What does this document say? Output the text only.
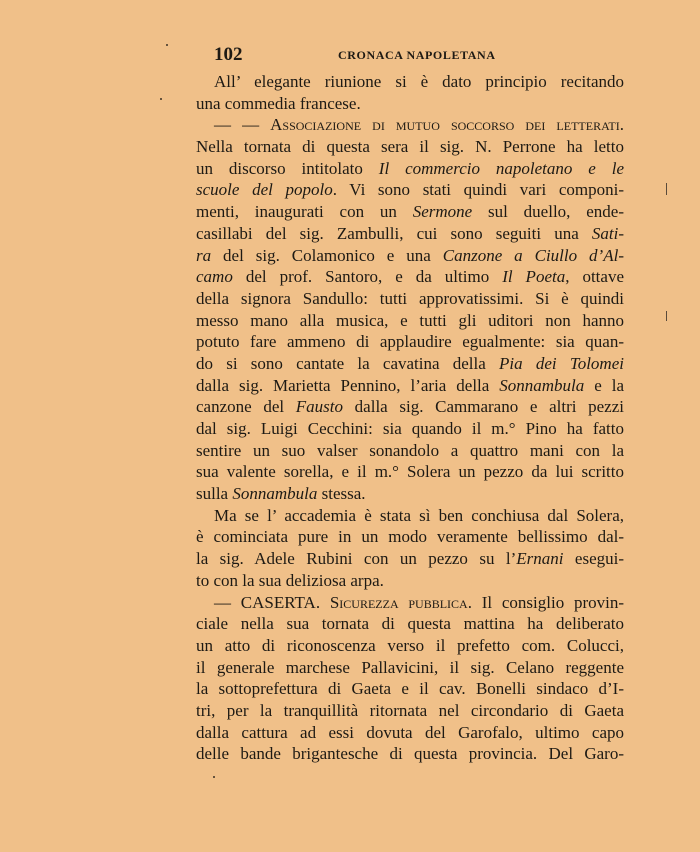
102	CRONACA NAPOLETANA
All’ elegante riunione si è dato principio recitando
una commedia francese.
— — Associazione di mutuo soccorso dei letterati.
Nella tornata di questa sera il sig. N. Perrone ha letto
un discorso intitolato Il commercio napoletano e le
scuole del popolo. Vi sono stati quindi vari componi-
menti, inaugurati con un Sermone sul duello, ende-
casillabi del sig. Zambulli, cui sono seguiti una Sati-
ra del sig. Colamonico e una Canzone a Ciullo d’Al-
camo del prof. Santoro, e da ultimo Il Poeta, ottave
della signora Sandullo: tutti approvatissimi. Si è quindi
messo mano alla musica, e tutti gli uditori non hanno
potuto fare ammeno di applaudire egualmente: sia quan-
do si sono cantate la cavatina della Pia dei Tolomei
dalla sig. Marietta Pennino, l’aria della Sonnambula e la
canzone del Fausto dalla sig. Cammarano e altri pezzi
dal sig. Luigi Cecchini: sia quando il m.° Pino ha fatto
sentire un suo valser sonandolo a quattro mani con la
sua valente sorella, e il m.° Solera un pezzo da lui scritto
sulla Sonnambula stessa.
Ma se l’ accademia è stata sì ben conchiusa dal Solera,
è cominciata pure in un modo veramente bellissimo dal-
la sig. Adele Rubini con un pezzo su l’Ernani esegui-
to con la sua deliziosa arpa.
— CASERTA. Sicurezza pubblica. Il consiglio provin-
ciale nella sua tornata di questa mattina ha deliberato
un atto di riconoscenza verso il prefetto com. Colucci,
il generale marchese Pallavicini, il sig. Celano reggente
la sottoprefettura di Gaeta e il cav. Bonelli sindaco d’I-
tri, per la tranquillità ritornata nel circondario di Gaeta
dalla cattura ad essi dovuta del Garofalo, ultimo capo
delle bande brigantesche di questa provincia. Del Garo-
